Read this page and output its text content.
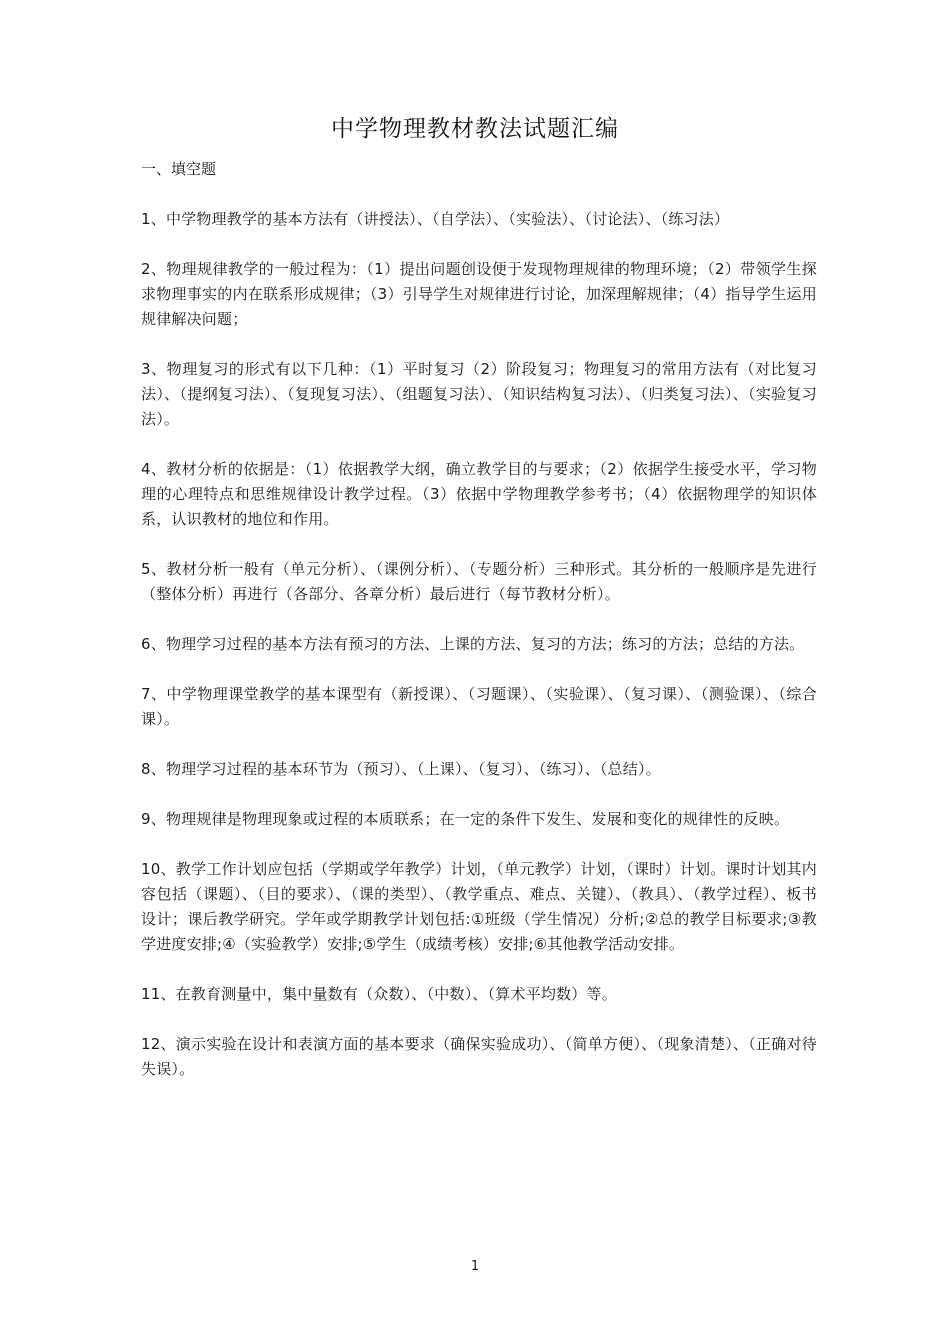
中学物理教材教法试题汇编
一、填空题

1、中学物理教学的基本方法有（讲授法）、（自学法）、（实验法）、（讨论法）、（练习法）

2、物理规律教学的一般过程为：（1）提出问题创设便于发现物理规律的物理环境；（2）带领学生探求物理事实的内在联系形成规律；（3）引导学生对规律进行讨论，加深理解规律；（4）指导学生运用规律解决问题；

3、物理复习的形式有以下几种：（1）平时复习（2）阶段复习；物理复习的常用方法有（对比复习法）、（提纲复习法）、（复现复习法）、（组题复习法）、（知识结构复习法）、（归类复习法）、（实验复习法）。

4、教材分析的依据是：（1）依据教学大纲，确立教学目的与要求；（2）依据学生接受水平，学习物理的心理特点和思维规律设计教学过程。（3）依据中学物理教学参考书；（4）依据物理学的知识体系，认识教材的地位和作用。

5、教材分析一般有（单元分析）、（课例分析）、（专题分析）三种形式。其分析的一般顺序是先进行（整体分析）再进行（各部分、各章分析）最后进行（每节教材分析）。

6、物理学习过程的基本方法有预习的方法、上课的方法、复习的方法；练习的方法；总结的方法。

7、中学物理课堂教学的基本课型有（新授课）、（习题课）、（实验课）、（复习课）、（测验课）、（综合课）。

8、物理学习过程的基本环节为（预习）、（上课）、（复习）、（练习）、（总结）。

9、物理规律是物理现象或过程的本质联系；在一定的条件下发生、发展和变化的规律性的反映。

10、教学工作计划应包括（学期或学年教学）计划，（单元教学）计划，（课时）计划。课时计划其内容包括（课题）、（目的要求）、（课的类型）、（教学重点、难点、关键）、（教具）、（教学过程）、板书设计；课后教学研究。学年或学期教学计划包括:①班级（学生情况）分析;②总的教学目标要求;③教学进度安排;④（实验教学）安排;⑤学生（成绩考核）安排;⑥其他教学活动安排。

11、在教育测量中，集中量数有（众数）、（中数）、（算术平均数）等。

12、演示实验在设计和表演方面的基本要求（确保实验成功）、（简单方便）、（现象清楚）、（正确对待失误）。

1
